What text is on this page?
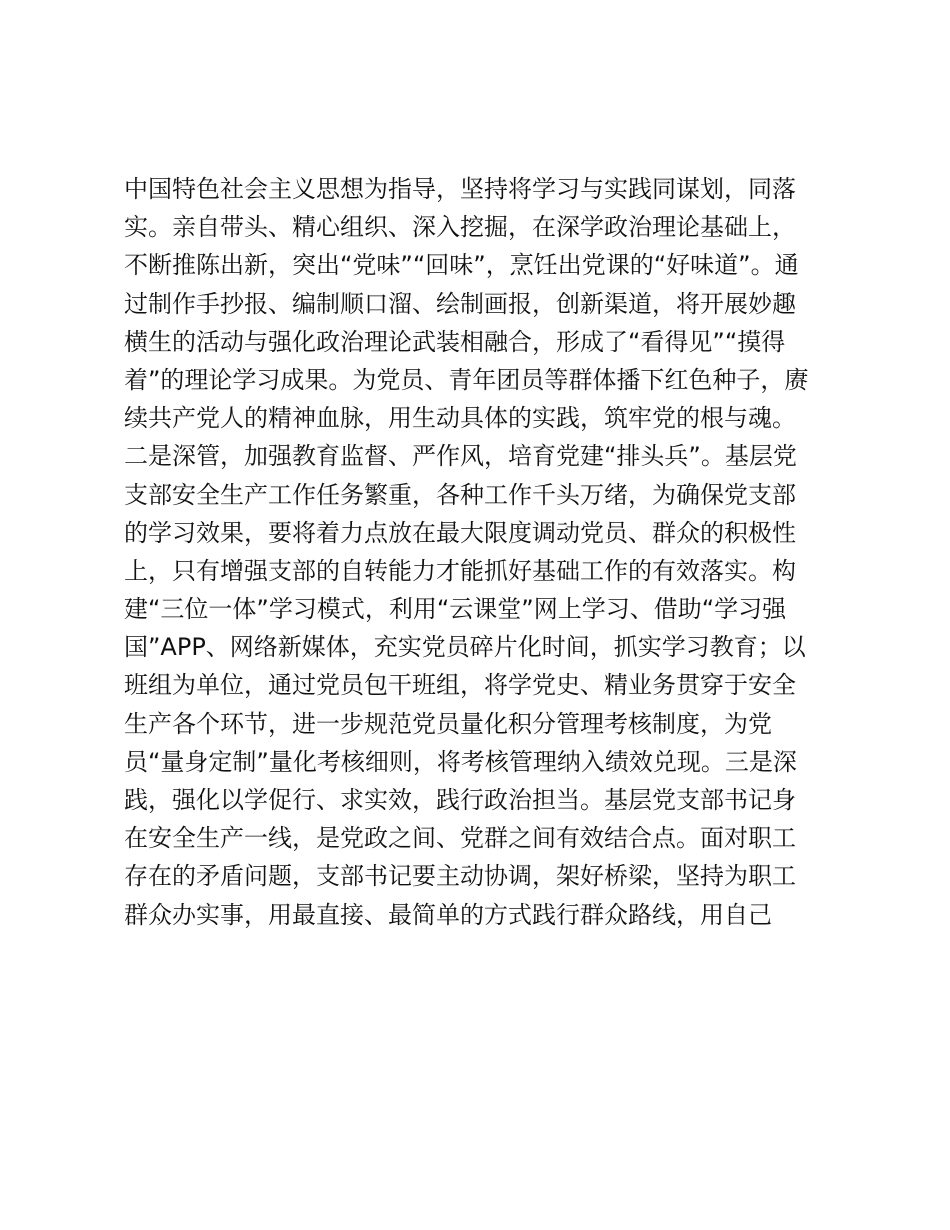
中国特色社会主义思想为指导，坚持将学习与实践同谋划，同落
实。亲自带头、精心组织、深入挖掘，在深学政治理论基础上，
不断推陈出新，突出“党味”“回味”，烹饪出党课的“好味道”。通
过制作手抄报、编制顺口溜、绘制画报，创新渠道，将开展妙趣
横生的活动与强化政治理论武装相融合，形成了“看得见”“摸得
着”的理论学习成果。为党员、青年团员等群体播下红色种子，赓
续共产党人的精神血脉，用生动具体的实践，筑牢党的根与魂。
二是深管，加强教育监督、严作风，培育党建“排头兵”。基层党
支部安全生产工作任务繁重，各种工作千头万绪，为确保党支部
的学习效果，要将着力点放在最大限度调动党员、群众的积极性
上，只有增强支部的自转能力才能抓好基础工作的有效落实。构
建“三位一体”学习模式，利用“云课堂”网上学习、借助“学习强
国”APP、网络新媒体，充实党员碎片化时间，抓实学习教育；以
班组为单位，通过党员包干班组，将学党史、精业务贯穿于安全
生产各个环节，进一步规范党员量化积分管理考核制度，为党
员“量身定制”量化考核细则，将考核管理纳入绩效兑现。三是深
践，强化以学促行、求实效，践行政治担当。基层党支部书记身
在安全生产一线，是党政之间、党群之间有效结合点。面对职工
存在的矛盾问题，支部书记要主动协调，架好桥梁，坚持为职工
群众办实事，用最直接、最简单的方式践行群众路线，用自己
